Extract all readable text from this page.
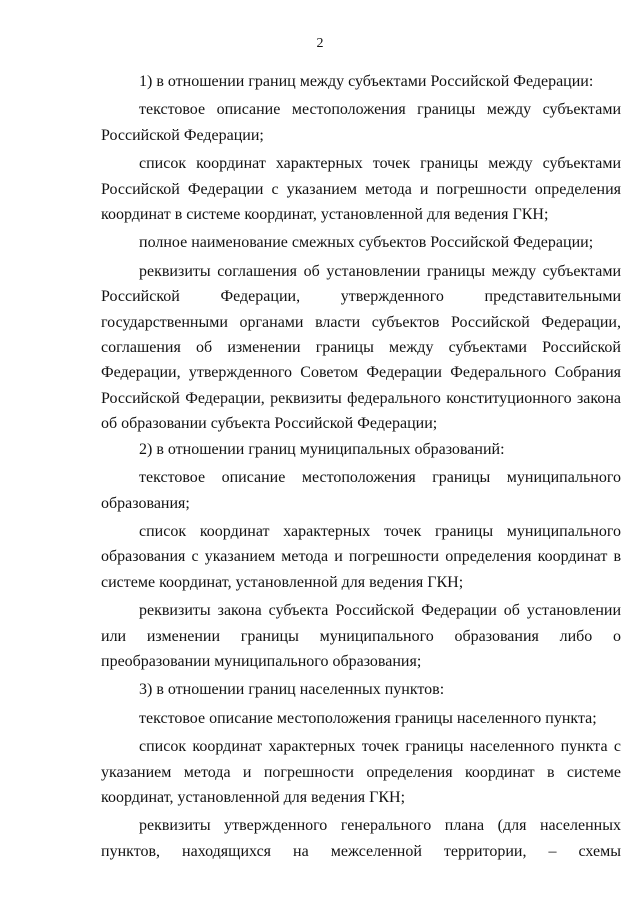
2

1) в отношении границ между субъектами Российской Федерации:

текстовое описание местоположения границы между субъектами Российской Федерации;

список координат характерных точек границы между субъектами Российской Федерации с указанием метода и погрешности определения координат в системе координат, установленной для ведения ГКН;

полное наименование смежных субъектов Российской Федерации;

реквизиты соглашения об установлении границы между субъектами Российской Федерации, утвержденного представительными государственными органами власти субъектов Российской Федерации, соглашения об изменении границы между субъектами Российской Федерации, утвержденного Советом Федерации Федерального Собрания Российской Федерации, реквизиты федерального конституционного закона об образовании субъекта Российской Федерации;

2) в отношении границ муниципальных образований:

текстовое описание местоположения границы муниципального образования;

список координат характерных точек границы муниципального образования с указанием метода и погрешности определения координат в системе координат, установленной для ведения ГКН;

реквизиты закона субъекта Российской Федерации об установлении или изменении границы муниципального образования либо о преобразовании муниципального образования;

3) в отношении границ населенных пунктов:

текстовое описание местоположения границы населенного пункта;

список координат характерных точек границы населенного пункта с указанием метода и погрешности определения координат в системе координат, установленной для ведения ГКН;

реквизиты утвержденного генерального плана (для населенных пунктов, находящихся на межселенной территории, – схемы
